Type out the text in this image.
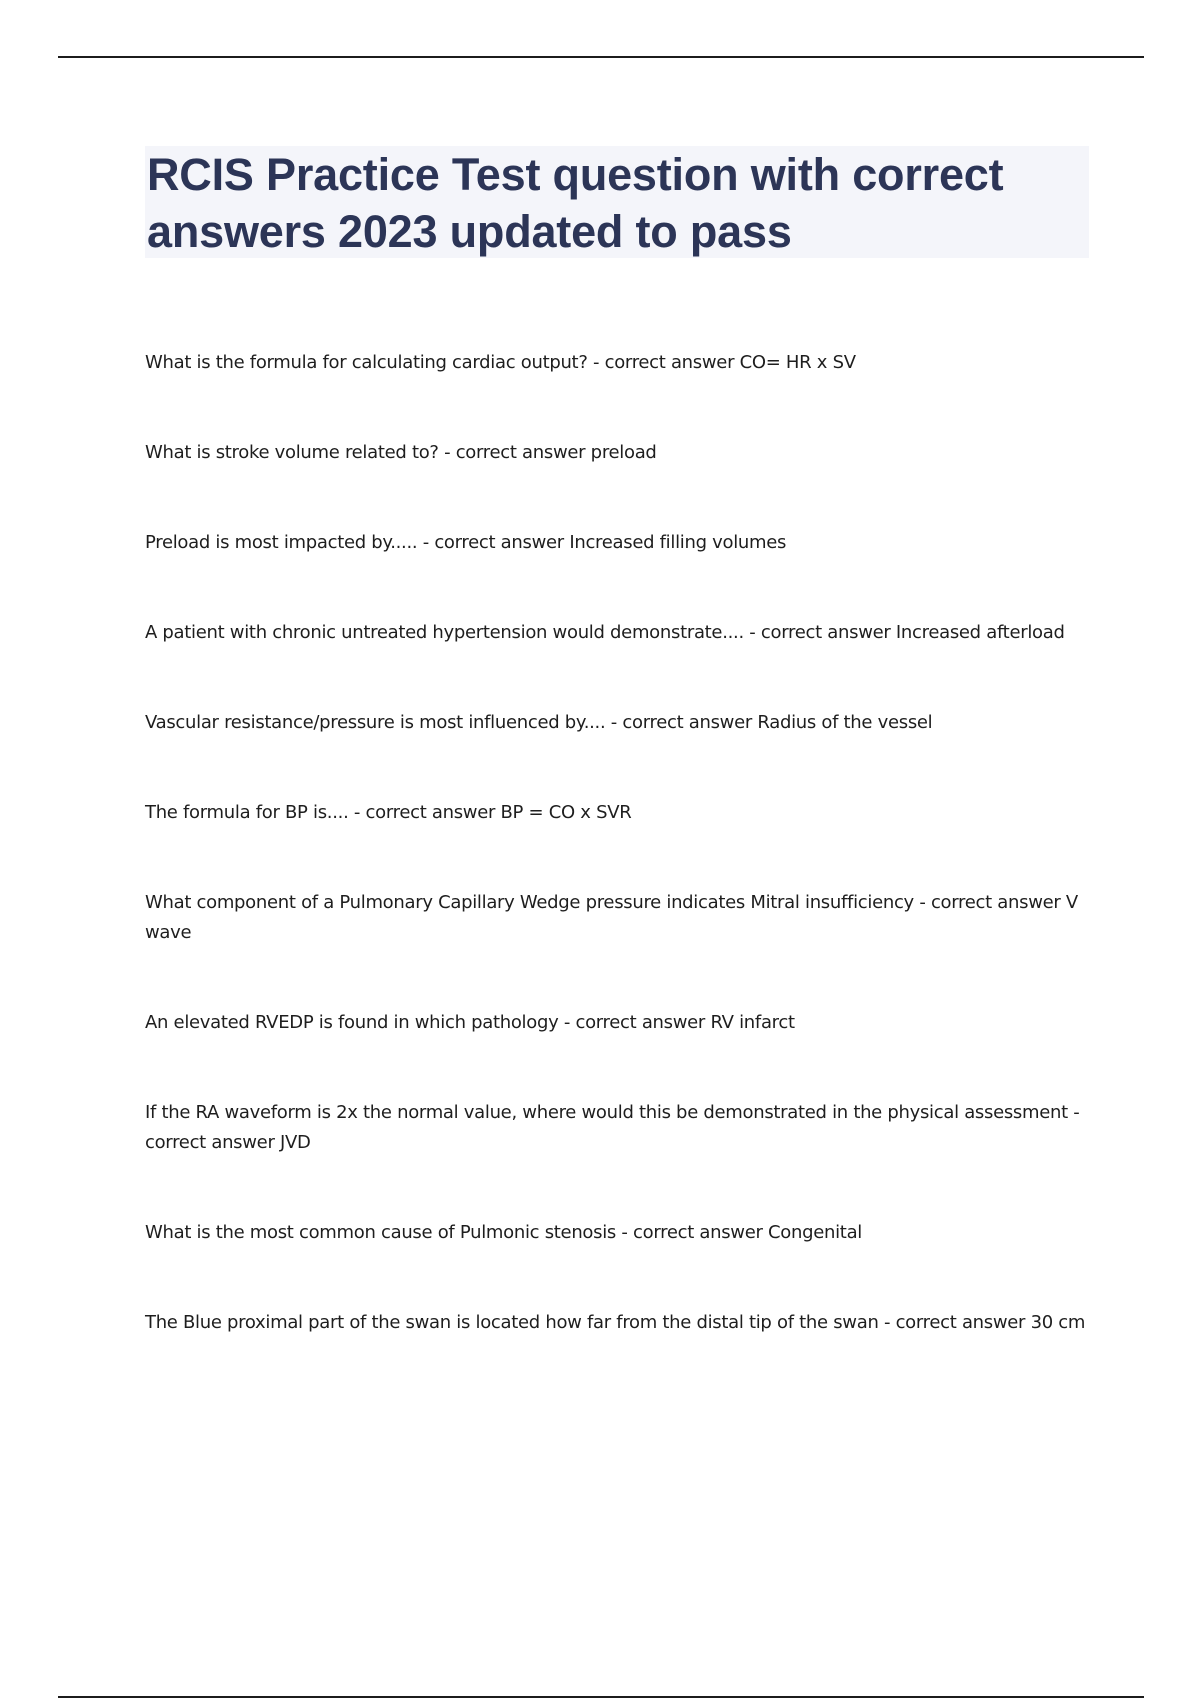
RCIS Practice Test question with correct answers 2023 updated to pass
What is the formula for calculating cardiac output? - correct answer CO= HR x SV
What is stroke volume related to? - correct answer preload
Preload is most impacted by..... - correct answer Increased filling volumes
A patient with chronic untreated hypertension would demonstrate.... - correct answer Increased afterload
Vascular resistance/pressure is most influenced by.... - correct answer Radius of the vessel
The formula for BP is.... - correct answer BP = CO x SVR
What component of a Pulmonary Capillary Wedge pressure indicates Mitral insufficiency - correct answer V wave
An elevated RVEDP is found in which pathology - correct answer RV infarct
If the RA waveform is 2x the normal value, where would this be demonstrated in the physical assessment - correct answer JVD
What is the most common cause of Pulmonic stenosis - correct answer Congenital
The Blue proximal part of the swan is located how far from the distal tip of the swan - correct answer 30 cm
